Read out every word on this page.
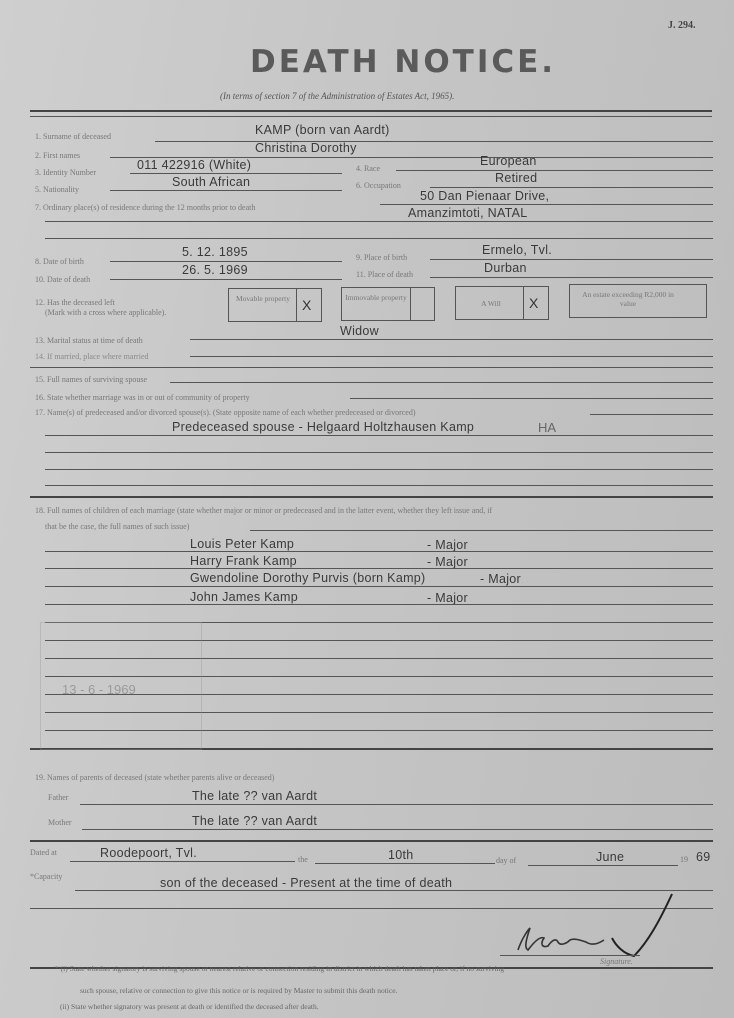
J. 294.
DEATH NOTICE.
(In terms of section 7 of the Administration of Estates Act, 1965).
1. Surname of deceased	KAMP (born van Aardt)
2. First names
Christina Dorothy
3. Identity Number
011 422916 (White)	4. Race
European
5. Nationality
South African	6. Occupation
Retired
7. Ordinary place(s) of residence during the 12 months prior to death
50 Dan Pienaar Drive,
Amanzimtoti, NATAL
8. Date of birth
5. 12. 1895	9. Place of birth
Ermelo, Tvl.
10. Date of death
26. 5. 1969	11. Place of death	Durban
12. Has the deceased left
(Mark with a cross where applicable).
Movable property X	Immovable property
A Will	X
An estate exceeding R2,000 in value
13. Marital status at time of death
Widow
14. If married, place where married
15. Full names of surviving spouse
16. State whether marriage was in or out of community of property
17. Name(s) of predeceased and/or divorced spouse(s). (State opposite name of each whether predeceased or divorced)
Predeceased spouse - Helgaard Holtzhausen Kamp	HA
18. Full names of children of each marriage (state whether major or minor or predeceased and in the latter event, whether they left issue and, if
that be the case, the full names of such issue)
Louis Peter Kamp	- Major
Harry Frank Kamp	- Major
Gwendoline Dorothy Purvis (born Kamp)	- Major
John James Kamp	- Major
13 - 6 - 1969
19. Names of parents of deceased (state whether parents alive or deceased)
Father	The late ?? van Aardt
Mother	The late ?? van Aardt
Dated at	Roodepoort, Tvl.	the	10th	day of	June	19 69
*Capacity	son of the deceased - Present at the time of death
Signature.
* (i) State whether signatory is surviving spouse or nearest relative or connection residing in district in which death has taken place or, if no surviving
such spouse, relative or connection to give this notice or is required by Master to submit this death notice.
(ii) State whether signatory was present at death or identified the deceased after death.
